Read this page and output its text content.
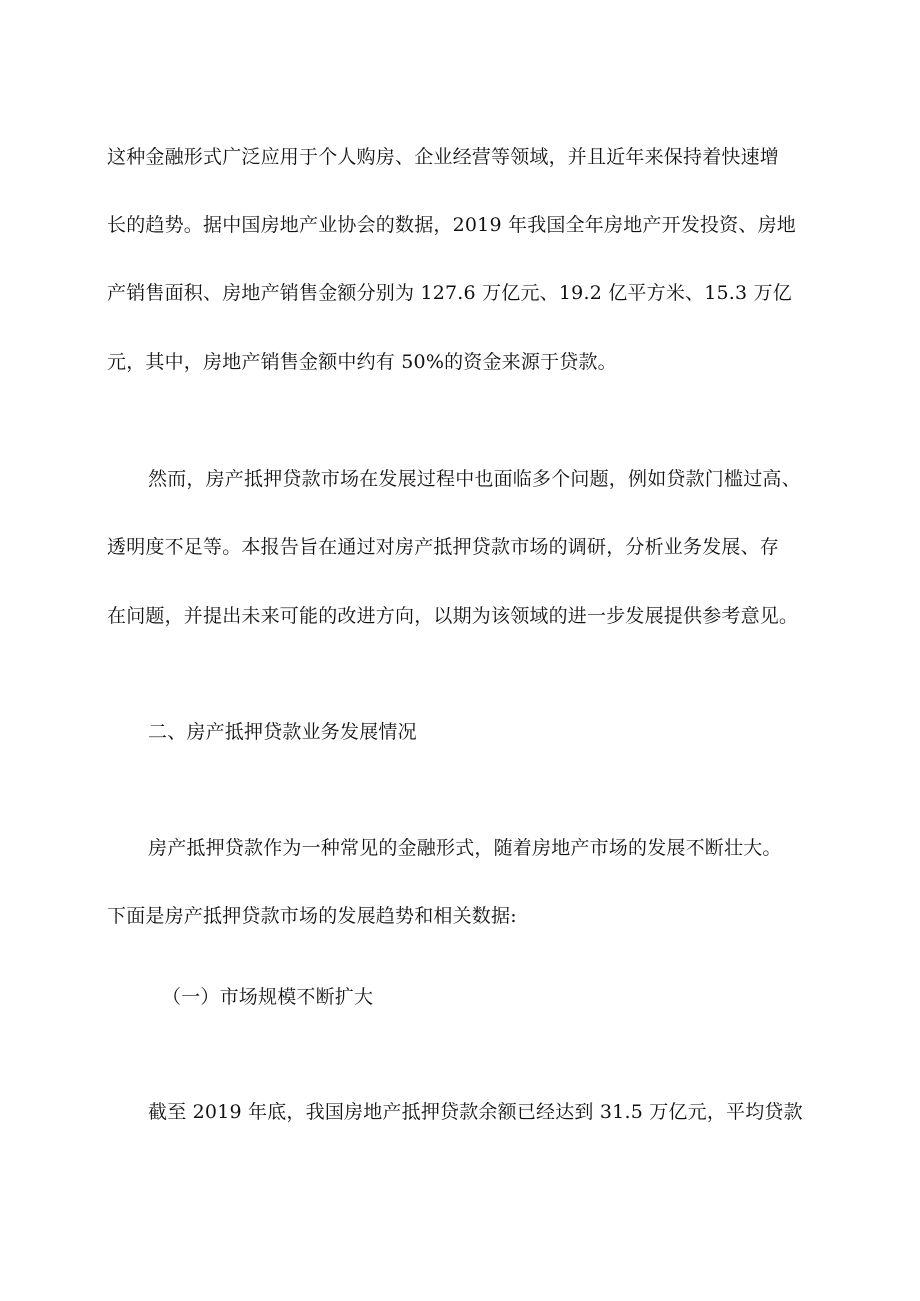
这种金融形式广泛应用于个人购房、企业经营等领域，并且近年来保持着快速增
长的趋势。据中国房地产业协会的数据，2019 年我国全年房地产开发投资、房地
产销售面积、房地产销售金额分别为 127.6 万亿元、19.2 亿平方米、15.3 万亿
元，其中，房地产销售金额中约有 50%的资金来源于贷款。
然而，房产抵押贷款市场在发展过程中也面临多个问题，例如贷款门槛过高、
透明度不足等。本报告旨在通过对房产抵押贷款市场的调研，分析业务发展、存
在问题，并提出未来可能的改进方向，以期为该领域的进一步发展提供参考意见。
二、房产抵押贷款业务发展情况
房产抵押贷款作为一种常见的金融形式，随着房地产市场的发展不断壮大。
下面是房产抵押贷款市场的发展趋势和相关数据:
（一）市场规模不断扩大
截至 2019 年底，我国房地产抵押贷款余额已经达到 31.5 万亿元，平均贷款
